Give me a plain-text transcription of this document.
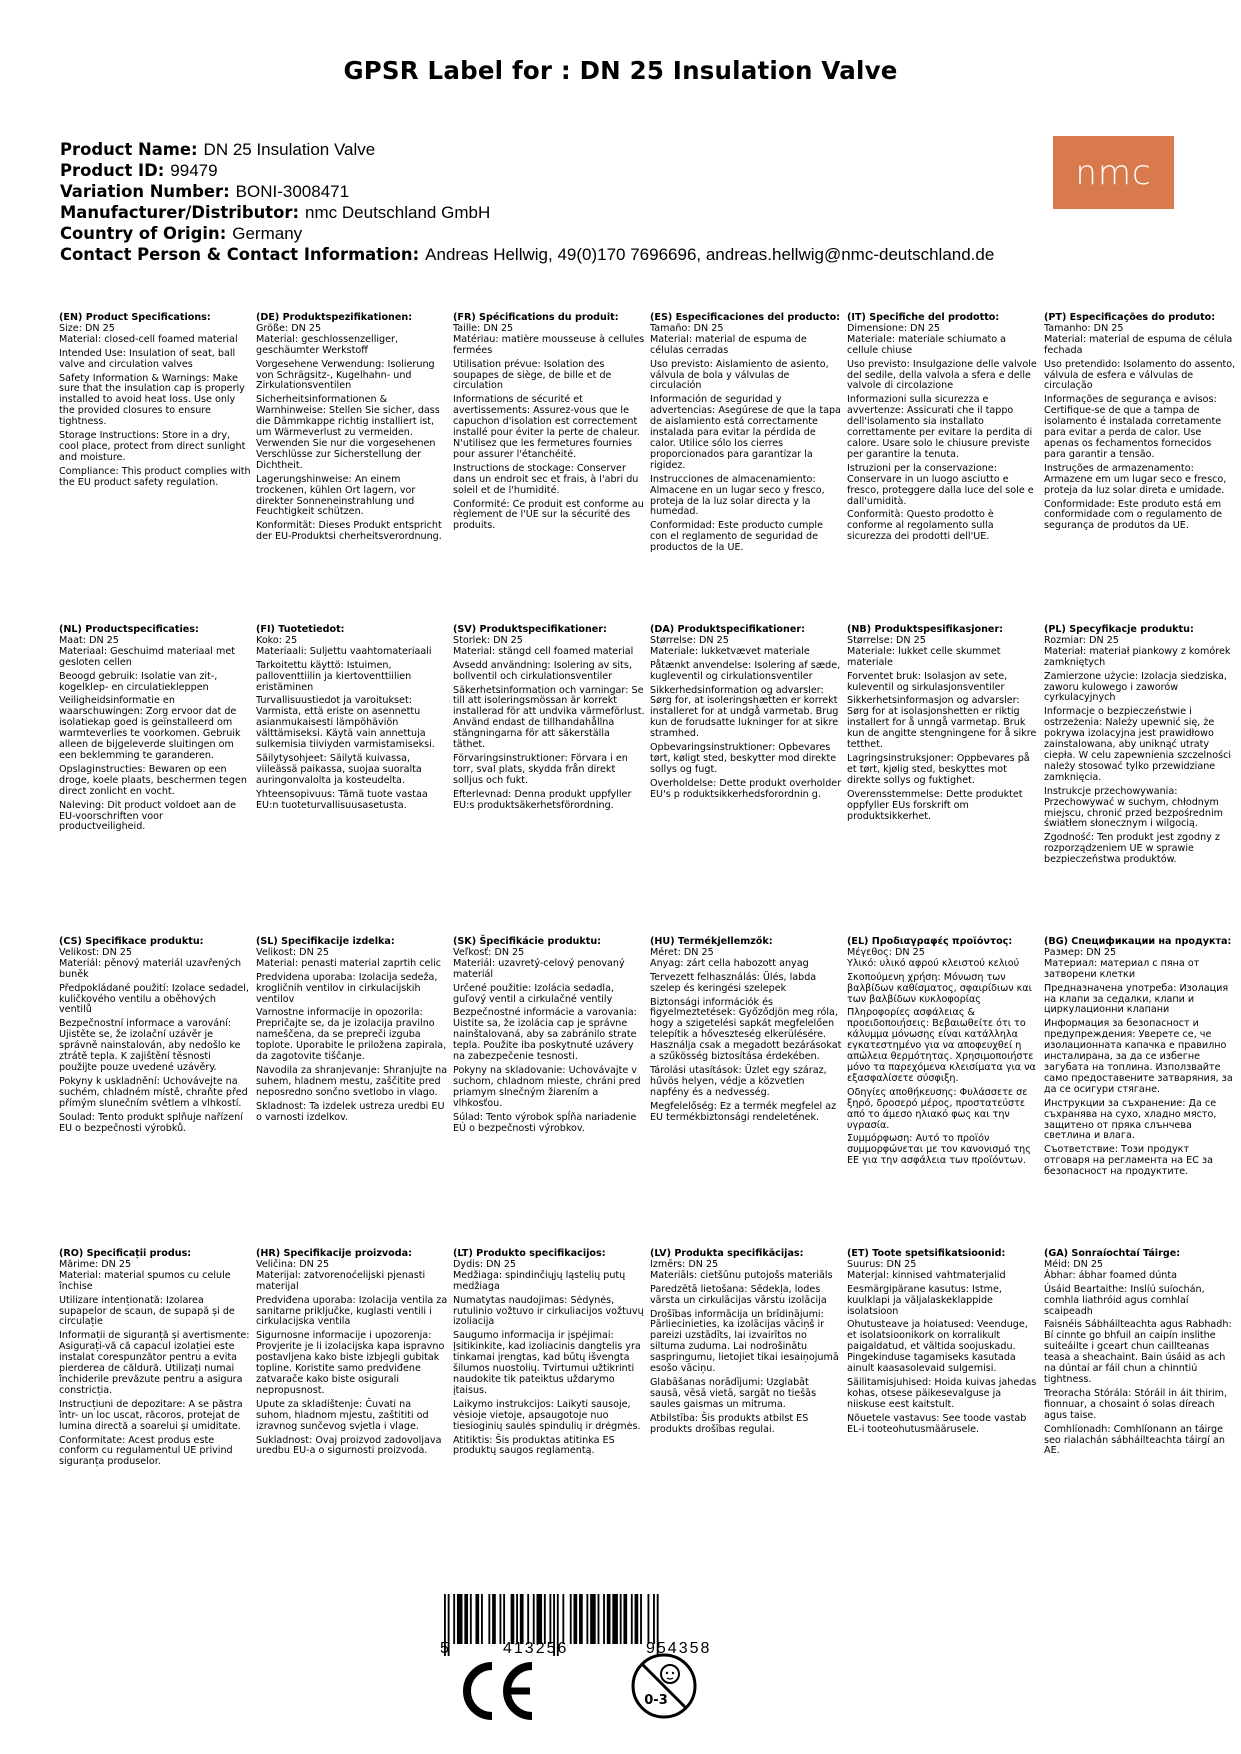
GPSR Label for : DN 25 Insulation Valve
Product Name: DN 25 Insulation Valve
Product ID: 99479
Variation Number: BONI-3008471
Manufacturer/Distributor: nmc Deutschland GmbH
Country of Origin: Germany
Contact Person & Contact Information: Andreas Hellwig, 49(0)170 7696696, andreas.hellwig@nmc-deutschland.de
nmc
(EN) Product Specifications:
Size: DN 25

Material: closed-cell foamed material

Intended Use: Insulation of seat, ball valve and circulation valves

Safety Information & Warnings: Make sure that the insulation cap is properly installed to avoid heat loss. Use only the provided closures to ensure tightness.

Storage Instructions: Store in a dry, cool place, protect from direct sunlight and moisture.

Compliance: This product complies with the EU product safety regulation.

(DE) Produktspezifikationen:
Größe: DN 25

Material: geschlossenzelliger, geschäumter Werkstoff

Vorgesehene Verwendung: Isolierung von Schrägsitz-, Kugelhahn- und Zirkulationsventilen

Sicherheitsinformationen & Warnhinweise: Stellen Sie sicher, dass die Dämmkappe richtig installiert ist, um Wärmeverlust zu vermeiden. Verwenden Sie nur die vorgesehenen Verschlüsse zur Sicherstellung der Dichtheit.

Lagerungshinweise: An einem trockenen, kühlen Ort lagern, vor direkter Sonneneinstrahlung und Feuchtigkeit schützen.

Konformität: Dieses Produkt entspricht der EU-Produktsi cherheitsverordnung.

(FR) Spécifications du produit:
Taille: DN 25

Matériau: matière mousseuse à cellules fermées

Utilisation prévue: Isolation des soupapes de siège, de bille et de circulation

Informations de sécurité et avertissements: Assurez-vous que le capuchon d'isolation est correctement installé pour éviter la perte de chaleur. N'utilisez que les fermetures fournies pour assurer l'étanchéité.

Instructions de stockage: Conserver dans un endroit sec et frais, à l'abri du soleil et de l'humidité.

Conformité: Ce produit est conforme au règlement de l'UE sur la sécurité des produits.

(ES) Especificaciones del producto:
Tamaño: DN 25

Material: material de espuma de células cerradas

Uso previsto: Aislamiento de asiento, válvula de bola y válvulas de circulación

Información de seguridad y advertencias: Asegúrese de que la tapa de aislamiento está correctamente instalada para evitar la pérdida de calor. Utilice sólo los cierres proporcionados para garantizar la rigidez.

Instrucciones de almacenamiento: Almacene en un lugar seco y fresco, proteja de la luz solar directa y la humedad.

Conformidad: Este producto cumple con el reglamento de seguridad de productos de la UE.

(IT) Specifiche del prodotto:
Dimensione: DN 25

Materiale: materiale schiumato a cellule chiuse

Uso previsto: Insulgazione delle valvole del sedile, della valvola a sfera e delle valvole di circolazione

Informazioni sulla sicurezza e avvertenze: Assicurati che il tappo dell'isolamento sia installato correttamente per evitare la perdita di calore. Usare solo le chiusure previste per garantire la tenuta.

Istruzioni per la conservazione: Conservare in un luogo asciutto e fresco, proteggere dalla luce del sole e dall'umidità.

Conformità: Questo prodotto è conforme al regolamento sulla sicurezza dei prodotti dell'UE.

(PT) Especificações do produto:
Tamanho: DN 25

Material: material de espuma de célula fechada

Uso pretendido: Isolamento do assento, válvula de esfera e válvulas de circulação

Informações de segurança e avisos: Certifique-se de que a tampa de isolamento é instalada corretamente para evitar a perda de calor. Use apenas os fechamentos fornecidos para garantir a tensão.

Instruções de armazenamento: Armazene em um lugar seco e fresco, proteja da luz solar direta e umidade.

Conformidade: Este produto está em conformidade com o regulamento de segurança de produtos da UE.

(NL) Productspecificaties:
Maat: DN 25

Materiaal: Geschuimd materiaal met gesloten cellen

Beoogd gebruik: Isolatie van zit-, kogelklep- en circulatiekleppen

Veiligheidsinformatie en waarschuwingen: Zorg ervoor dat de isolatiekap goed is geïnstalleerd om warmteverlies te voorkomen. Gebruik alleen de bijgeleverde sluitingen om een beklemming te garanderen.

Opslaginstructies: Bewaren op een droge, koele plaats, beschermen tegen direct zonlicht en vocht.

Naleving: Dit product voldoet aan de EU-voorschriften voor productveiligheid.

(FI) Tuotetiedot:
Koko: 25

Materiaali: Suljettu vaahtomateriaali

Tarkoitettu käyttö: Istuimen, palloventtiilin ja kiertoventtiilien eristäminen

Turvallisuustiedot ja varoitukset: Varmista, että eriste on asennettu asianmukaisesti lämpöhäviön välttämiseksi. Käytä vain annettuja sulkemisia tiiviyden varmistamiseksi.

Säilytysohjeet: Säilytä kuivassa, viileässä paikassa, suojaa suoralta auringonvalolta ja kosteudelta.

Yhteensopivuus: Tämä tuote vastaa EU:n tuoteturvallisuusasetusta.

(SV) Produktspecifikationer:
Storlek: DN 25

Material: stängd cell foamed material

Avsedd användning: Isolering av sits, bollventil och cirkulationsventiler

Säkerhetsinformation och varningar: Se till att isoleringsmössan är korrekt installerad för att undvika värmeförlust. Använd endast de tillhandahållna stängningarna för att säkerställa täthet.

Förvaringsinstruktioner: Förvara i en torr, sval plats, skydda från direkt solljus och fukt.

Efterlevnad: Denna produkt uppfyller EU:s produktsäkerhetsförordning.

(DA) Produktspecifikationer:
Størrelse: DN 25

Materiale: lukketvævet materiale

Påtænkt anvendelse: Isolering af sæde, kugleventil og cirkulationsventiler

Sikkerhedsinformation og advarsler: Sørg for, at isoleringshætten er korrekt installeret for at undgå varmetab. Brug kun de forudsatte lukninger for at sikre stramhed.

Opbevaringsinstruktioner: Opbevares tørt, køligt sted, beskytter mod direkte sollys og fugt.

Overholdelse: Dette produkt overholder EU's p roduktsikkerhedsforordnin g.

(NB) Produktspesifikasjoner:
Størrelse: DN 25

Materiale: lukket celle skummet materiale

Forventet bruk: Isolasjon av sete, kuleventil og sirkulasjonsventiler

Sikkerhetsinformasjon og advarsler: Sørg for at isolasjonshetten er riktig installert for å unngå varmetap. Bruk kun de angitte stengningene for å sikre tetthet.

Lagringsinstruksjoner: Oppbevares på et tørt, kjølig sted, beskyttes mot direkte sollys og fuktighet.

Overensstemmelse: Dette produktet oppfyller EUs forskrift om produktsikkerhet.

(PL) Specyfikacje produktu:
Rozmiar: DN 25

Materiał: materiał piankowy z komórek zamkniętych

Zamierzone użycie: Izolacja siedziska, zaworu kulowego i zaworów cyrkulacyjnych

Informacje o bezpieczeństwie i ostrzeżenia: Należy upewnić się, że pokrywa izolacyjna jest prawidłowo zainstalowana, aby uniknąć utraty ciepła. W celu zapewnienia szczelności należy stosować tylko przewidziane zamknięcia.

Instrukcje przechowywania: Przechowywać w suchym, chłodnym miejscu, chronić przed bezpośrednim światłem słonecznym i wilgocią.

Zgodność: Ten produkt jest zgodny z rozporządzeniem UE w sprawie bezpieczeństwa produktów.

(CS) Specifikace produktu:
Velikost: DN 25

Materiál: pěnový materiál uzavřených buněk

Předpokládané použití: Izolace sedadel, kuličkového ventilu a oběhových ventilů

Bezpečnostní informace a varování: Ujistěte se, že izolační uzávěr je správně nainstalován, aby nedošlo ke ztrátě tepla. K zajištění těsnosti použijte pouze uvedené uzávěry.

Pokyny k uskladnění: Uchovávejte na suchém, chladném místě, chraňte před přímým slunečním světlem a vlhkostí.

Soulad: Tento produkt splňuje nařízení EU o bezpečnosti výrobků.

(SL) Specifikacije izdelka:
Velikost: DN 25

Material: penasti material zaprtih celic

Predvidena uporaba: Izolacija sedeža, krogličnih ventilov in cirkulacijskih ventilov

Varnostne informacije in opozorila: Prepričajte se, da je izolacija pravilno nameščena, da se prepreči izguba toplote. Uporabite le priložena zapirala, da zagotovite tiščanje.

Navodila za shranjevanje: Shranjujte na suhem, hladnem mestu, zaščitite pred neposredno sončno svetlobo in vlago.

Skladnost: Ta izdelek ustreza uredbi EU o varnosti izdelkov.

(SK) Špecifikácie produktu:
Veľkosť: DN 25

Materiál: uzavretý-celový penovaný materiál

Určené použitie: Izolácia sedadla, guľový ventil a cirkulačné ventily

Bezpečnostné informácie a varovania: Uistite sa, že izolácia cap je správne nainštalovaná, aby sa zabránilo strate tepla. Použite iba poskytnuté uzávery na zabezpečenie tesnosti.

Pokyny na skladovanie: Uchovávajte v suchom, chladnom mieste, chráni pred priamym slnečným žiarením a vlhkosťou.

Súlad: Tento výrobok spĺňa nariadenie EÚ o bezpečnosti výrobkov.

(HU) Termékjellemzők:
Méret: DN 25

Anyag: zárt cella habozott anyag

Tervezett felhasználás: Ülés, labda szelep és keringési szelepek

Biztonsági információk és figyelmeztetések: Győződjön meg róla, hogy a szigetelési sapkát megfelelően telepítik a hőveszteség elkerülésére. Használja csak a megadott bezárásokat a szűkösség biztosítása érdekében.

Tárolási utasítások: Üzlet egy száraz, hűvös helyen, védje a közvetlen napfény és a nedvesség.

Megfelelőség: Ez a termék megfelel az EU termékbiztonsági rendeletének.

(EL) Προδιαγραφές προϊόντος:
Μέγεθος: DN 25

Υλικό: υλικό αφρού κλειστού κελιού

Σκοπούμενη χρήση: Μόνωση των βαλβίδων καθίσματος, σφαιρίδιων και των βαλβίδων κυκλοφορίας

Πληροφορίες ασφάλειας & προειδοποιήσεις: Βεβαιωθείτε ότι το κάλυμμα μόνωσης είναι κατάλληλα εγκατεστημένο για να αποφευχθεί η απώλεια θερμότητας. Χρησιμοποιήστε μόνο τα παρεχόμενα κλεισίματα για να εξασφαλίσετε σύσφιξη.

Οδηγίες αποθήκευσης: Φυλάσσετε σε ξηρό, δροσερό μέρος, προστατεύστε από το άμεσο ηλιακό φως και την υγρασία.

Συμμόρφωση: Αυτό το προϊόν συμμορφώνεται με τον κανονισμό της ΕΕ για την ασφάλεια των προϊόντων.

(BG) Спецификации на продукта:
Размер: DN 25

Материал: материал с пяна от затворени клетки

Предназначена употреба: Изолация на клапи за седалки, клапи и циркулационни клапани

Информация за безопасност и предупреждения: Уверете се, че изолационната капачка е правилно инсталирана, за да се избегне загубата на топлина. Използвайте само предоставените затваряния, за да се осигури стягане.

Инструкции за съхранение: Да се съхранява на сухо, хладно място, защитено от пряка слънчева светлина и влага.

Съответствие: Този продукт отговаря на регламента на ЕС за безопасност на продуктите.

(RO) Specificații produs:
Mărime: DN 25

Material: material spumos cu celule închise

Utilizare intenționată: Izolarea supapelor de scaun, de supapă și de circulație

Informații de siguranță și avertismente: Asigurați-vă că capacul izolației este instalat corespunzător pentru a evita pierderea de căldură. Utilizați numai închiderile prevăzute pentru a asigura constricția.

Instrucțiuni de depozitare: A se păstra într- un loc uscat, răcoros, protejat de lumina directă a soarelui și umiditate.

Conformitate: Acest produs este conform cu regulamentul UE privind siguranța produselor.

(HR) Specifikacije proizvoda:
Veličina: DN 25

Materijal: zatvorenoćelijski pjenasti materijal

Predviđena uporaba: Izolacija ventila za sanitarne priključke, kuglasti ventili i cirkulacijska ventila

Sigurnosne informacije i upozorenja: Provjerite je li izolacijska kapa ispravno postavljena kako biste izbjegli gubitak topline. Koristite samo predviđene zatvarače kako biste osigurali nepropusnost.

Upute za skladištenje: Čuvati na suhom, hladnom mjestu, zaštititi od izravnog sunčevog svjetla i vlage.

Sukladnost: Ovaj proizvod zadovoljava uredbu EU-a o sigurnosti proizvoda.

(LT) Produkto specifikacijos:
Dydis: DN 25

Medžiaga: spindinčiųjų ląstelių putų medžiaga

Numatytas naudojimas: Sėdynės, rutulinio vožtuvo ir cirkuliacijos vožtuvų izoliacija

Saugumo informacija ir įspėjimai: Įsitikinkite, kad izoliacinis dangtelis yra tinkamai įrengtas, kad būtų išvengta šilumos nuostolių. Tvirtumui užtikrinti naudokite tik pateiktus uždarymo įtaisus.

Laikymo instrukcijos: Laikyti sausoje, vėsioje vietoje, apsaugotoje nuo tiesioginių saulės spindulių ir drėgmės.

Atitiktis: Šis produktas atitinka ES produktų saugos reglamentą.

(LV) Produkta specifikācijas:
Izmērs: DN 25

Materiāls: cietšūnu putojošs materiāls

Paredzētā lietošana: Sēdekļa, lodes vārsta un cirkulācijas vārstu izolācija

Drošības informācija un brīdinājumi: Pārliecinieties, ka izolācijas vāciņš ir pareizi uzstādīts, lai izvairītos no siltuma zuduma. Lai nodrošinātu saspringumu, lietojiet tikai iesaiņojumā esošo vāciņu.

Glabāšanas norādījumi: Uzglabāt sausā, vēsā vietā, sargāt no tiešās saules gaismas un mitruma.

Atbilstība: Šis produkts atbilst ES produkts drošības regulai.

(ET) Toote spetsifikatsioonid:
Suurus: DN 25

Materjal: kinnised vahtmaterjalid

Eesmärgipärane kasutus: Istme, kuulklapi ja väljalaskeklappide isolatsioon

Ohutusteave ja hoiatused: Veenduge, et isolatsioonikork on korralikult paigaldatud, et vältida soojuskadu. Pingekinduse tagamiseks kasutada ainult kaasasolevaid sulgemisi.

Säilitamisjuhised: Hoida kuivas jahedas kohas, otsese päikesevalguse ja niiskuse eest kaitstult.

Nõuetele vastavus: See toode vastab EL-i tooteohutusmäärusele.

(GA) Sonraíochtaí Táirge:
Méid: DN 25

Ábhar: ábhar foamed dúnta

Úsáid Beartaithe: Inslíú suíochán, comhla liathróid agus comhlaí scaipeadh

Faisnéis Sábháilteachta agus Rabhadh: Bí cinnte go bhfuil an caipín inslithe suiteáilte i gceart chun caillteanas teasa a sheachaint. Bain úsáid as ach na dúntaí ar fáil chun a chinntiú tightness.

Treoracha Stórála: Stóráil in áit thirim, fionnuar, a chosaint ó solas díreach agus taise.

Comhlíonadh: Comhlíonann an táirge seo rialachán sábháilteachta táirgí an AE.

5	413256	954358
0-3
